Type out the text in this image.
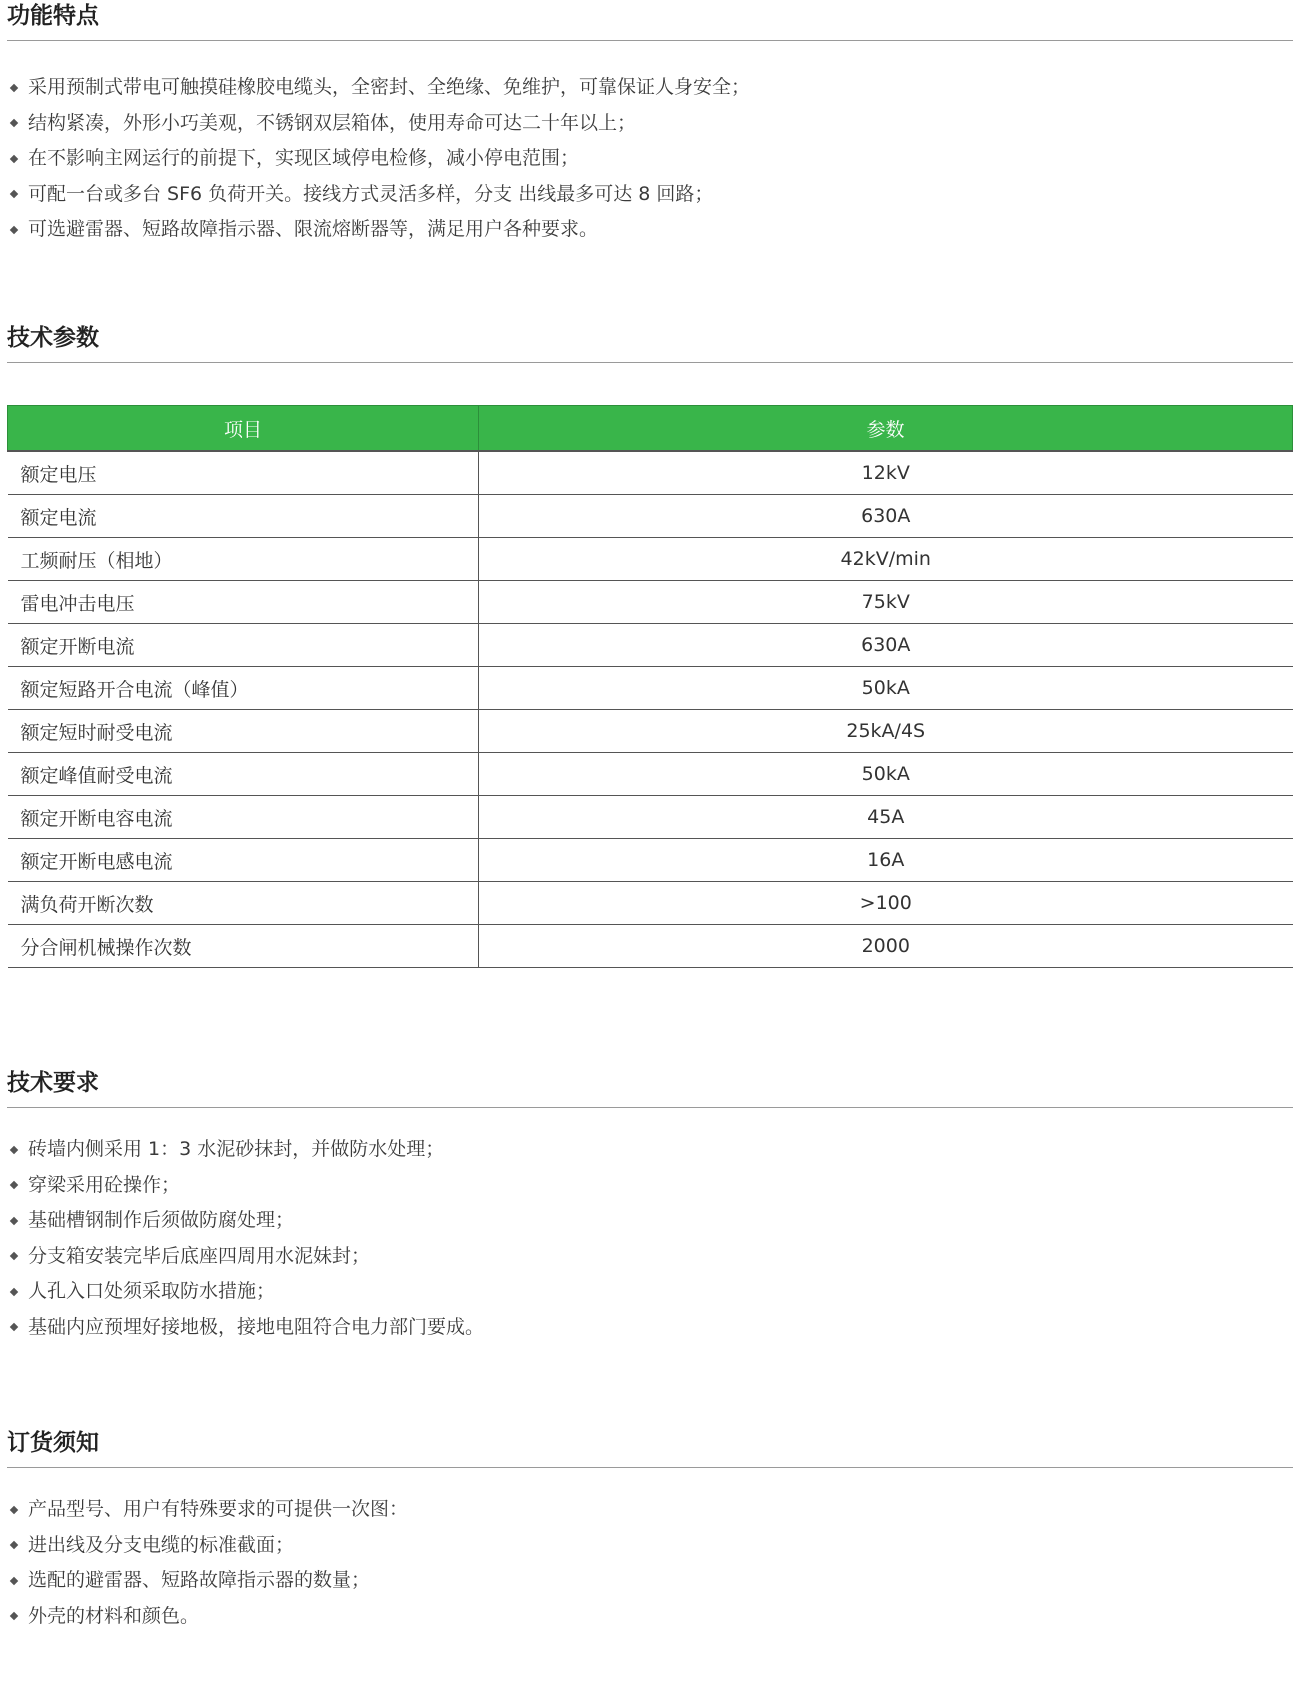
功能特点
采用预制式带电可触摸硅橡胶电缆头，全密封、全绝缘、免维护，可靠保证人身安全；
结构紧凑，外形小巧美观，不锈钢双层箱体，使用寿命可达二十年以上；
在不影响主网运行的前提下，实现区域停电检修，减小停电范围；
可配一台或多台 SF6 负荷开关。接线方式灵活多样，分支 出线最多可达 8 回路；
可选避雷器、短路故障指示器、限流熔断器等，满足用户各种要求。
技术参数
项目	参数
额定电压	12kV
额定电流	630A
工频耐压（相地）	42kV/min
雷电冲击电压	75kV
额定开断电流	630A
额定短路开合电流（峰值）	50kA
额定短时耐受电流	25kA/4S
额定峰值耐受电流	50kA
额定开断电容电流	45A
额定开断电感电流	16A
满负荷开断次数	>100
分合闸机械操作次数	2000
技术要求
砖墙内侧采用 1：3 水泥砂抹封，并做防水处理；
穿梁采用砼操作；
基础槽钢制作后须做防腐处理；
分支箱安装完毕后底座四周用水泥妹封；
人孔入口处须采取防水措施；
基础内应预埋好接地极，接地电阻符合电力部门要成。
订货须知
产品型号、用户有特殊要求的可提供一次图：
进出线及分支电缆的标准截面；
选配的避雷器、短路故障指示器的数量；
外壳的材料和颜色。
